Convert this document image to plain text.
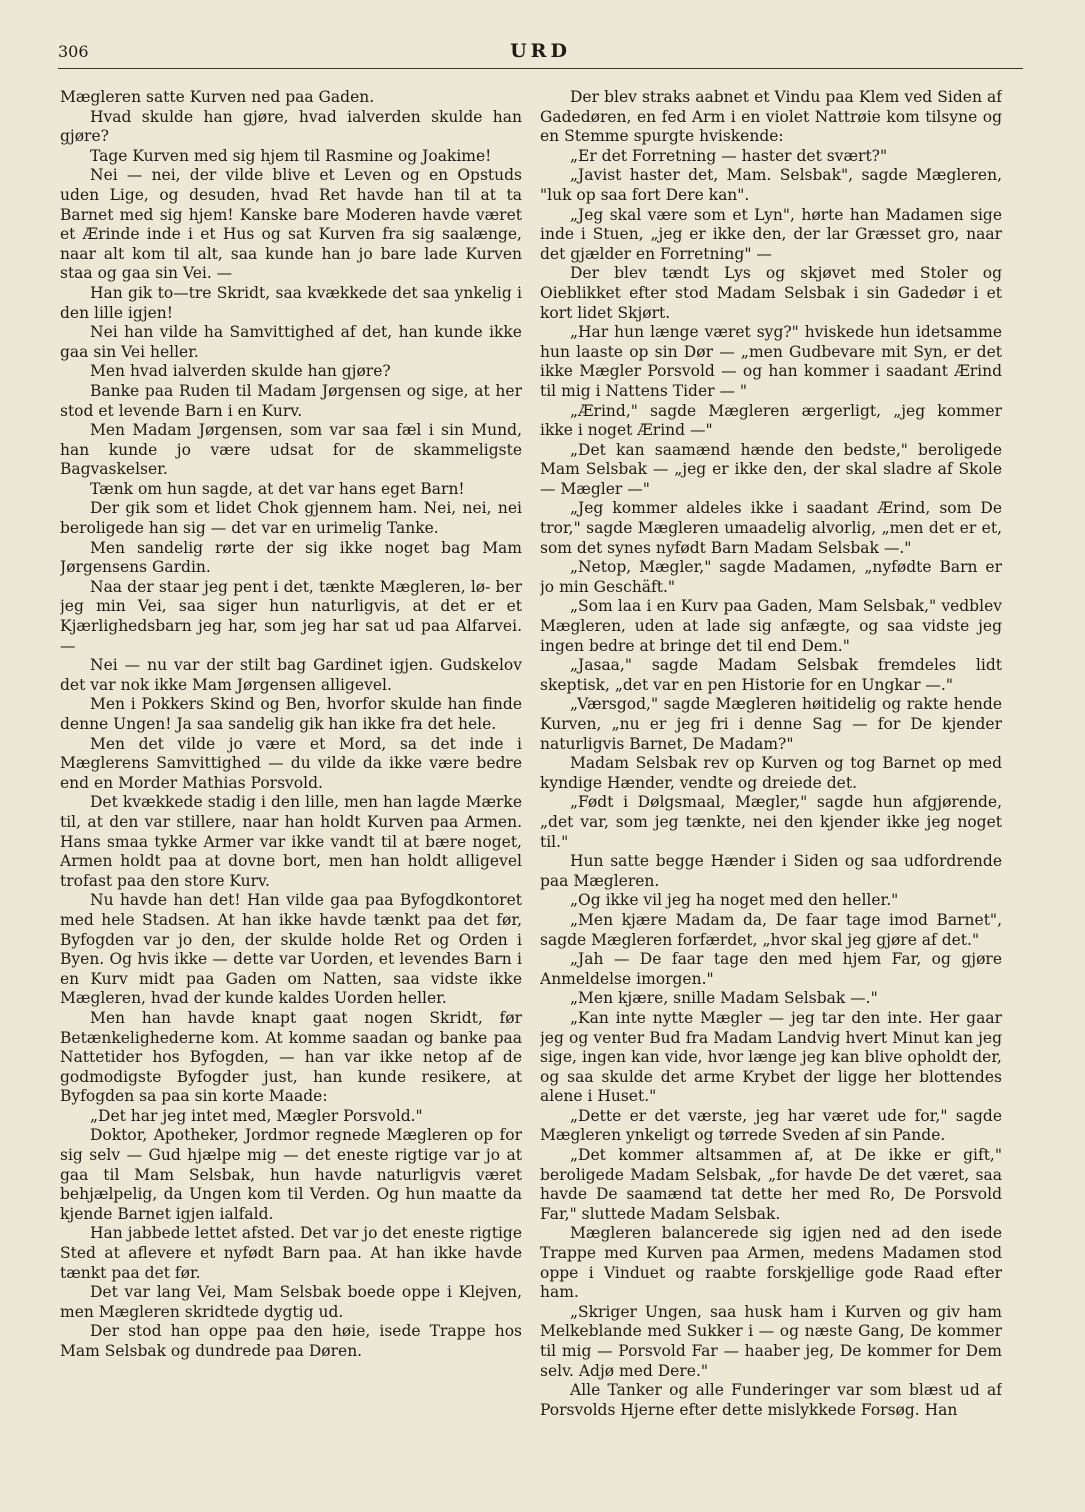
306	URD

Mægleren satte Kurven ned paa Gaden.

Hvad skulde han gjøre, hvad ialverden skulde han gjøre?

Tage Kurven med sig hjem til Rasmine og Joakime!

Nei — nei, der vilde blive et Leven og en Opstuds uden Lige, og desuden, hvad Ret havde han til at ta Barnet med sig hjem! Kanske bare Moderen havde været et Ærinde inde i et Hus og sat Kurven fra sig saalænge, naar alt kom til alt, saa kunde han jo bare lade Kurven staa og gaa sin Vei. —

Han gik to—tre Skridt, saa kvækkede det saa ynkelig i den lille igjen!

Nei han vilde ha Samvittighed af det, han kunde ikke gaa sin Vei heller.

Men hvad ialverden skulde han gjøre?

Banke paa Ruden til Madam Jørgensen og sige, at her stod et levende Barn i en Kurv.

Men Madam Jørgensen, som var saa fæl i sin Mund, han kunde jo være udsat for de skammeligste Bagvaskelser.

Tænk om hun sagde, at det var hans eget Barn!

Der gik som et lidet Chok gjennem ham. Nei, nei, nei beroligede han sig — det var en urimelig Tanke.

Men sandelig rørte der sig ikke noget bag Mam Jørgensens Gardin.

Naa der staar jeg pent i det, tænkte Mægleren, lø- ber jeg min Vei, saa siger hun naturligvis, at det er et Kjærlighedsbarn jeg har, som jeg har sat ud paa Alfarvei. —

Nei — nu var der stilt bag Gardinet igjen. Gudskelov det var nok ikke Mam Jørgensen alligevel.

Men i Pokkers Skind og Ben, hvorfor skulde han finde denne Ungen! Ja saa sandelig gik han ikke fra det hele.

Men det vilde jo være et Mord, sa det inde i Mæglerens Samvittighed — du vilde da ikke være bedre end en Morder Mathias Porsvold.

Det kvækkede stadig i den lille, men han lagde Mærke til, at den var stillere, naar han holdt Kurven paa Armen. Hans smaa tykke Armer var ikke vandt til at bære noget, Armen holdt paa at dovne bort, men han holdt alligevel trofast paa den store Kurv.

Nu havde han det! Han vilde gaa paa Byfogdkontoret med hele Stadsen. At han ikke havde tænkt paa det før, Byfogden var jo den, der skulde holde Ret og Orden i Byen. Og hvis ikke — dette var Uorden, et levendes Barn i en Kurv midt paa Gaden om Natten, saa vidste ikke Mægleren, hvad der kunde kaldes Uorden heller.

Men han havde knapt gaat nogen Skridt, før Betænkelighederne kom. At komme saadan og banke paa Nattetider hos Byfogden, — han var ikke netop af de godmodigste Byfogder just, han kunde resikere, at Byfogden sa paa sin korte Maade:

„Det har jeg intet med, Mægler Porsvold."

Doktor, Apotheker, Jordmor regnede Mægleren op for sig selv — Gud hjælpe mig — det eneste rigtige var jo at gaa til Mam Selsbak, hun havde naturligvis været behjælpelig, da Ungen kom til Verden. Og hun maatte da kjende Barnet igjen ialfald.

Han jabbede lettet afsted. Det var jo det eneste rigtige Sted at aflevere et nyfødt Barn paa. At han ikke havde tænkt paa det før.

Det var lang Vei, Mam Selsbak boede oppe i Klejven, men Mægleren skridtede dygtig ud.

Der stod han oppe paa den høie, isede Trappe hos Mam Selsbak og dundrede paa Døren.

Der blev straks aabnet et Vindu paa Klem ved Siden af Gadedøren, en fed Arm i en violet Nattrøie kom tilsyne og en Stemme spurgte hviskende:

„Er det Forretning — haster det svært?"

„Javist haster det, Mam. Selsbak", sagde Mægleren, "luk op saa fort Dere kan".

„Jeg skal være som et Lyn", hørte han Madamen sige inde i Stuen, „jeg er ikke den, der lar Græsset gro, naar det gjælder en Forretning" —

Der blev tændt Lys og skjøvet med Stoler og Oieblikket efter stod Madam Selsbak i sin Gadedør i et kort lidet Skjørt.

„Har hun længe været syg?" hviskede hun idetsamme hun laaste op sin Dør — „men Gudbevare mit Syn, er det ikke Mægler Porsvold — og han kommer i saadant Ærind til mig i Nattens Tider — "

„Ærind," sagde Mægleren ærgerligt, „jeg kommer ikke i noget Ærind —"

„Det kan saamænd hænde den bedste," beroligede Mam Selsbak — „jeg er ikke den, der skal sladre af Skole — Mægler —"

„Jeg kommer aldeles ikke i saadant Ærind, som De tror," sagde Mægleren umaadelig alvorlig, „men det er et, som det synes nyfødt Barn Madam Selsbak —."

„Netop, Mægler," sagde Madamen, „nyfødte Barn er jo min Geschäft."

„Som laa i en Kurv paa Gaden, Mam Selsbak," vedblev Mægleren, uden at lade sig anfægte, og saa vidste jeg ingen bedre at bringe det til end Dem."

„Jasaa," sagde Madam Selsbak fremdeles lidt skeptisk, „det var en pen Historie for en Ungkar —."

„Værsgod," sagde Mægleren høitidelig og rakte hende Kurven, „nu er jeg fri i denne Sag — for De kjender naturligvis Barnet, De Madam?"

Madam Selsbak rev op Kurven og tog Barnet op med kyndige Hænder, vendte og dreiede det.

„Født i Dølgsmaal, Mægler," sagde hun afgjørende, „det var, som jeg tænkte, nei den kjender ikke jeg noget til."

Hun satte begge Hænder i Siden og saa udfordrende paa Mægleren.

„Og ikke vil jeg ha noget med den heller."

„Men kjære Madam da, De faar tage imod Barnet", sagde Mægleren forfærdet, „hvor skal jeg gjøre af det."

„Jah — De faar tage den med hjem Far, og gjøre Anmeldelse imorgen."

„Men kjære, snille Madam Selsbak —."

„Kan inte nytte Mægler — jeg tar den inte. Her gaar jeg og venter Bud fra Madam Landvig hvert Minut kan jeg sige, ingen kan vide, hvor længe jeg kan blive opholdt der, og saa skulde det arme Krybet der ligge her blottendes alene i Huset."

„Dette er det værste, jeg har været ude for," sagde Mægleren ynkeligt og tørrede Sveden af sin Pande.

„Det kommer altsammen af, at De ikke er gift," beroligede Madam Selsbak, „for havde De det været, saa havde De saamænd tat dette her med Ro, De Porsvold Far," sluttede Madam Selsbak.

Mægleren balancerede sig igjen ned ad den isede Trappe med Kurven paa Armen, medens Madamen stod oppe i Vinduet og raabte forskjellige gode Raad efter ham.

„Skriger Ungen, saa husk ham i Kurven og giv ham Melkeblande med Sukker i — og næste Gang, De kommer til mig — Porsvold Far — haaber jeg, De kommer for Dem selv. Adjø med Dere."

Alle Tanker og alle Funderinger var som blæst ud af Porsvolds Hjerne efter dette mislykkede Forsøg. Han
